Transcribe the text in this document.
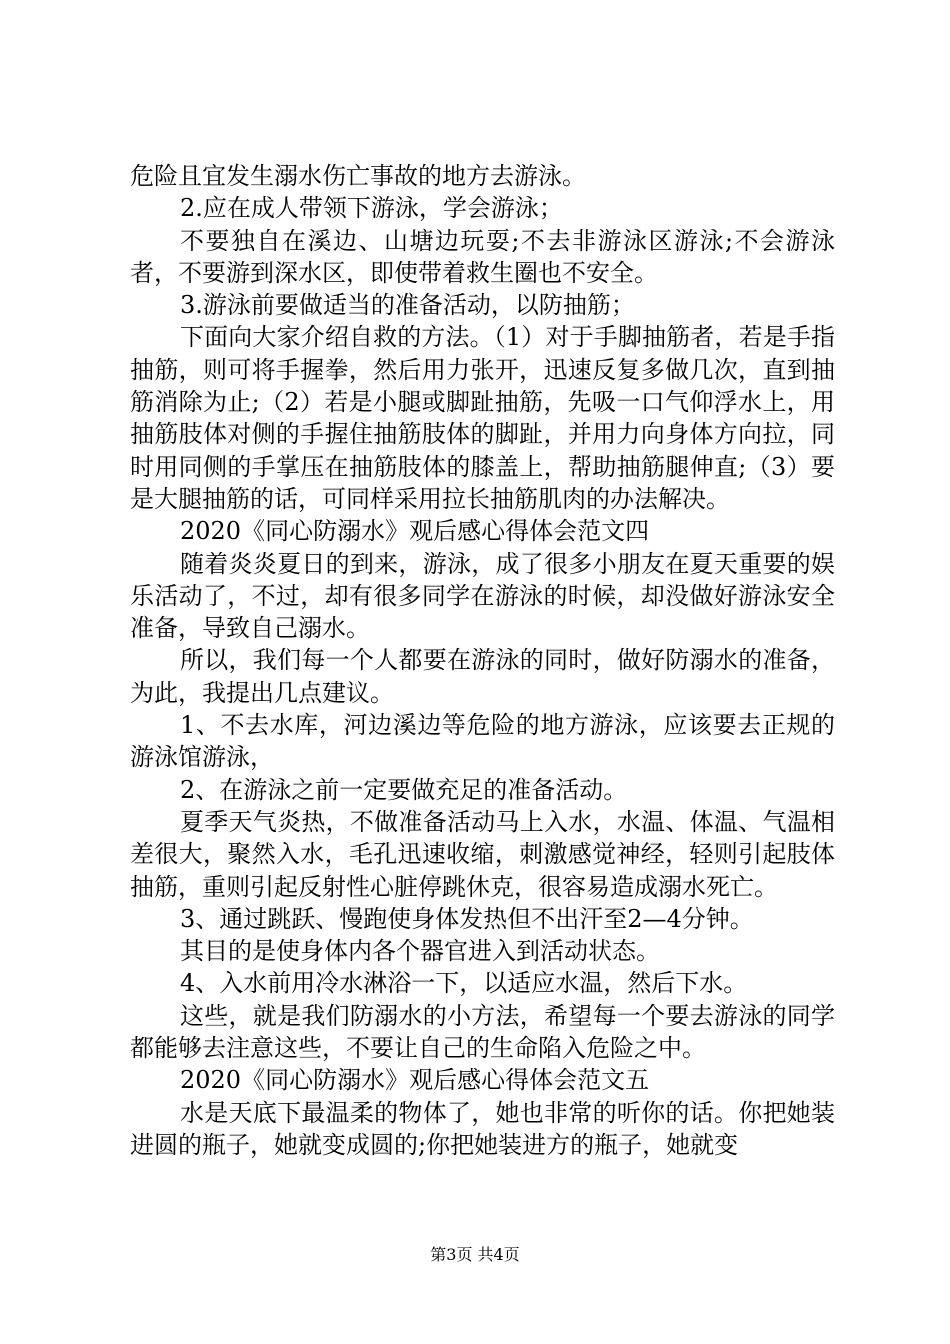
危险且宜发生溺水伤亡事故的地方去游泳。

2.应在成人带领下游泳，学会游泳；

不要独自在溪边、山塘边玩耍;不去非游泳区游泳;不会游泳者，不要游到深水区，即使带着救生圈也不安全。

3.游泳前要做适当的准备活动，以防抽筋；

下面向大家介绍自救的方法。（1）对于手脚抽筋者，若是手指抽筋，则可将手握拳，然后用力张开，迅速反复多做几次，直到抽筋消除为止;（2）若是小腿或脚趾抽筋，先吸一口气仰浮水上，用抽筋肢体对侧的手握住抽筋肢体的脚趾，并用力向身体方向拉，同时用同侧的手掌压在抽筋肢体的膝盖上，帮助抽筋腿伸直;（3）要是大腿抽筋的话，可同样采用拉长抽筋肌肉的办法解决。

2020《同心防溺水》观后感心得体会范文四

随着炎炎夏日的到来，游泳，成了很多小朋友在夏天重要的娱乐活动了，不过，却有很多同学在游泳的时候，却没做好游泳安全准备，导致自己溺水。

所以，我们每一个人都要在游泳的同时，做好防溺水的准备，为此，我提出几点建议。

1、不去水库，河边溪边等危险的地方游泳，应该要去正规的游泳馆游泳，

2、在游泳之前一定要做充足的准备活动。

夏季天气炎热，不做准备活动马上入水，水温、体温、气温相差很大，聚然入水，毛孔迅速收缩，刺激感觉神经，轻则引起肢体抽筋，重则引起反射性心脏停跳休克，很容易造成溺水死亡。

3、通过跳跃、慢跑使身体发热但不出汗至2—4分钟。

其目的是使身体内各个器官进入到活动状态。

4、入水前用冷水淋浴一下，以适应水温，然后下水。

这些，就是我们防溺水的小方法，希望每一个要去游泳的同学都能够去注意这些，不要让自己的生命陷入危险之中。

2020《同心防溺水》观后感心得体会范文五

水是天底下最温柔的物体了，她也非常的听你的话。你把她装进圆的瓶子，她就变成圆的;你把她装进方的瓶子，她就变

第3页 共4页
